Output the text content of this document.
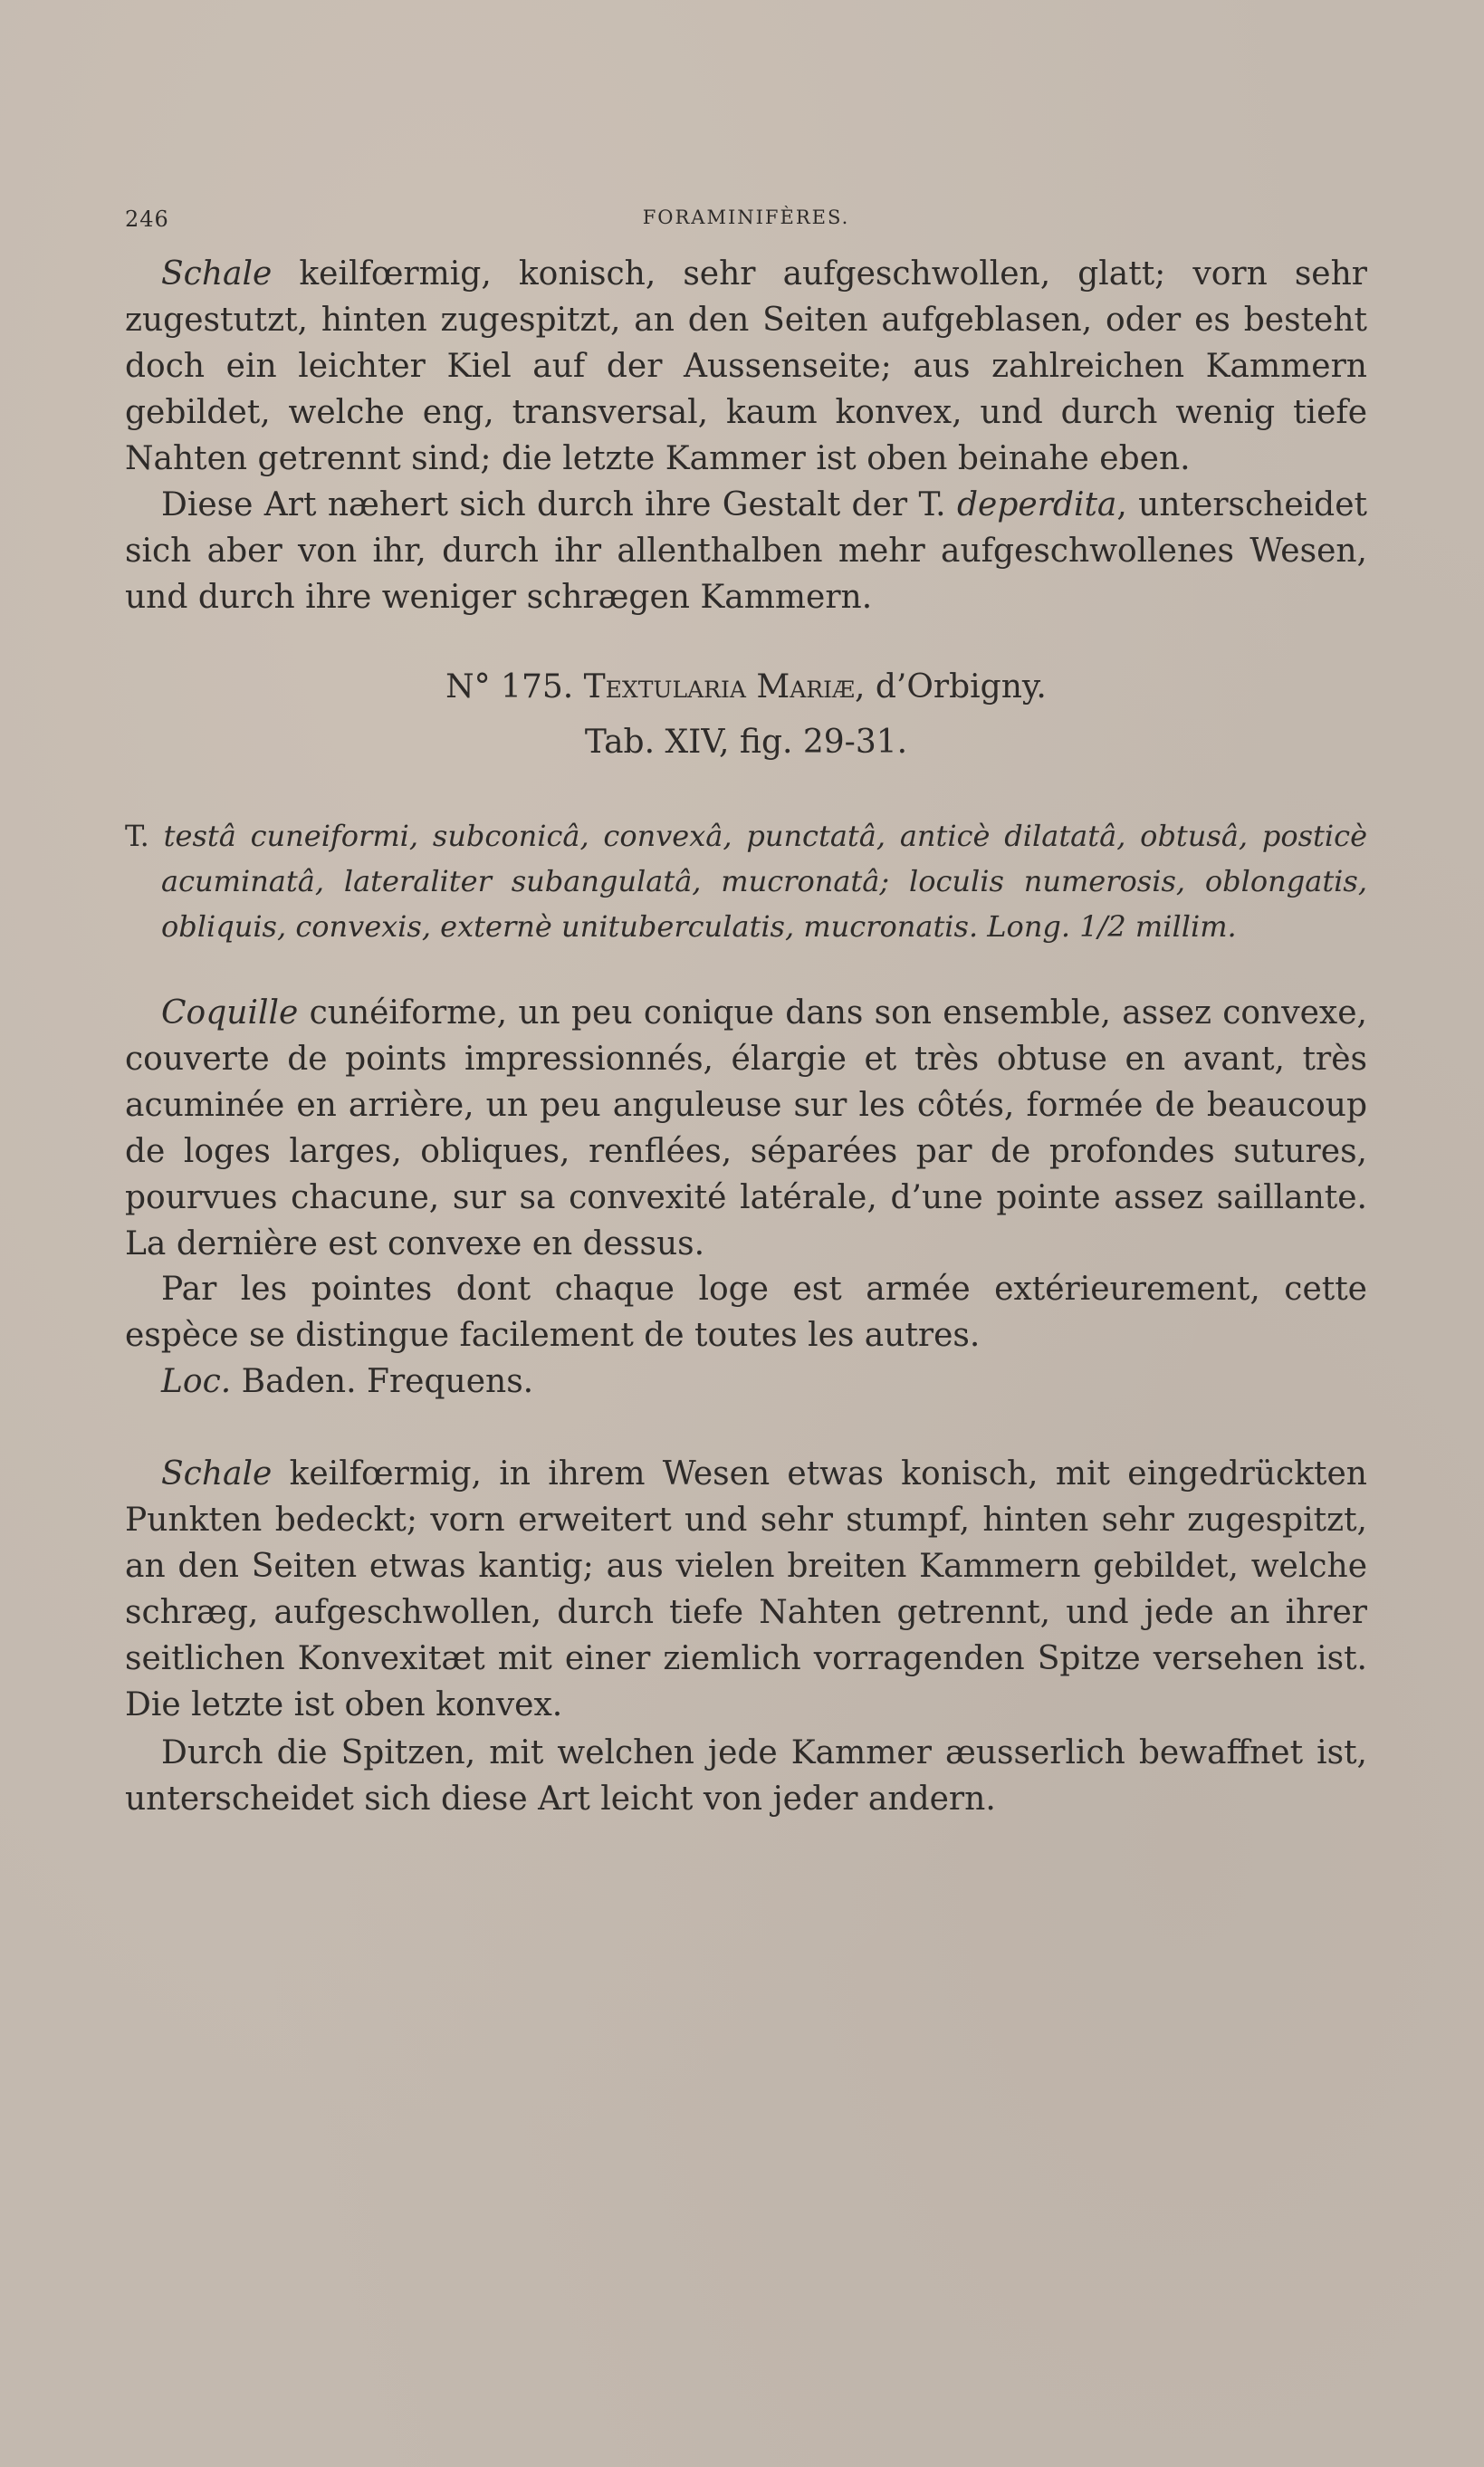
246	FORAMINIFÈRES.

Schale keilfœrmig, konisch, sehr aufgeschwollen, glatt; vorn sehr zugestutzt, hinten zugespitzt, an den Seiten aufgeblasen, oder es besteht doch ein leichter Kiel auf der Aussenseite; aus zahlreichen Kammern gebildet, welche eng, transversal, kaum konvex, und durch wenig tiefe Nahten getrennt sind; die letzte Kammer ist oben beinahe eben.

Diese Art næhert sich durch ihre Gestalt der T. deperdita, unterscheidet sich aber von ihr, durch ihr allenthalben mehr aufgeschwollenes Wesen, und durch ihre weniger schrægen Kammern.

N° 175. Textularia Mariæ, d’Orbigny.

Tab. XIV, fig. 29-31.

T. testâ cuneiformi, subconicâ, convexâ, punctatâ, anticè dilatatâ, obtusâ, posticè acuminatâ, lateraliter subangulatâ, mucronatâ; loculis numerosis, oblongatis, obliquis, convexis, externè unituberculatis, mucronatis. Long. 1/2 millim.

Coquille cunéiforme, un peu conique dans son ensemble, assez convexe, couverte de points impressionnés, élargie et très obtuse en avant, très acuminée en arrière, un peu anguleuse sur les côtés, formée de beaucoup de loges larges, obliques, renflées, séparées par de profondes sutures, pourvues chacune, sur sa convexité latérale, d’une pointe assez saillante. La dernière est convexe en dessus.

Par les pointes dont chaque loge est armée extérieurement, cette espèce se distingue facilement de toutes les autres.

Loc. Baden. Frequens.

Schale keilfœrmig, in ihrem Wesen etwas konisch, mit eingedrückten Punkten bedeckt; vorn erweitert und sehr stumpf, hinten sehr zugespitzt, an den Seiten etwas kantig; aus vielen breiten Kammern gebildet, welche schræg, aufgeschwollen, durch tiefe Nahten getrennt, und jede an ihrer seitlichen Konvexitæt mit einer ziemlich vorragenden Spitze versehen ist. Die letzte ist oben konvex.

Durch die Spitzen, mit welchen jede Kammer æusserlich bewaffnet ist, unterscheidet sich diese Art leicht von jeder andern.
